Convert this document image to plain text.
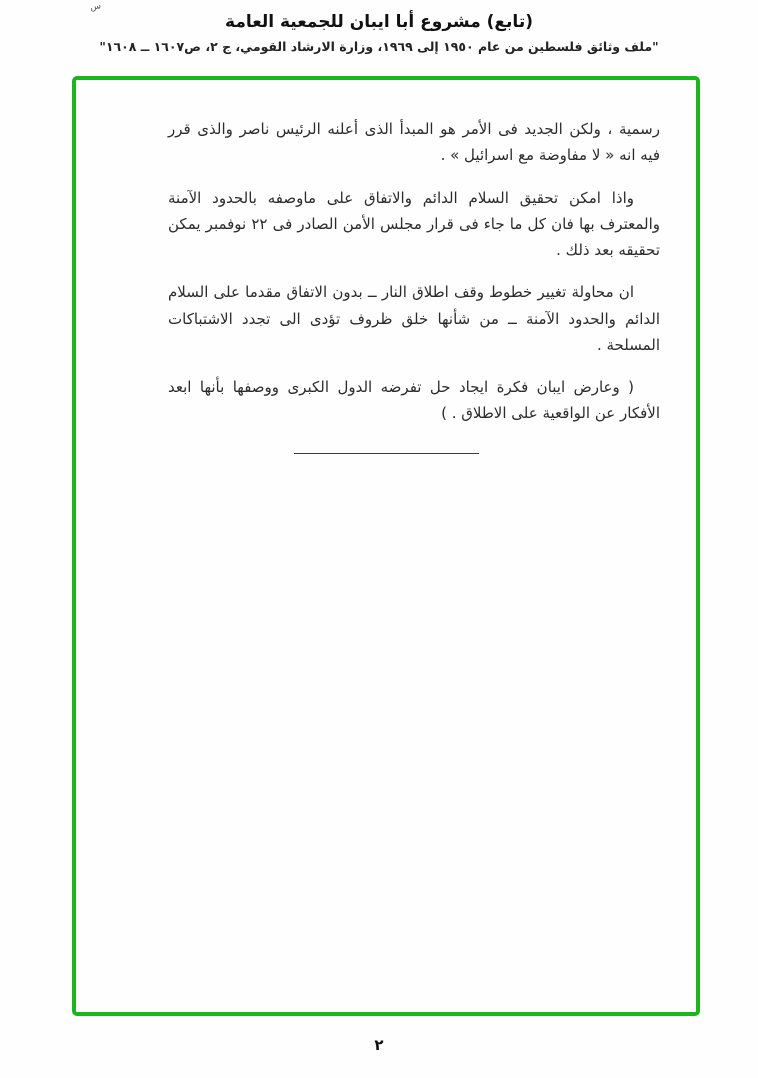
س
(تابع) مشروع أبا ايبان للجمعية العامة
"ملف وثائق فلسطين من عام ١٩٥٠ إلى ١٩٦٩، وزارة الارشاد القومي، ج ٢، ص١٦٠٧ ــ ١٦٠٨"

رسمية ، ولكن الجديد فى الأمر هو المبدأ الذى أعلنه الرئيس ناصر والذى قرر فيه انه « لا مفاوضة مع اسرائيل » .

واذا امكن تحقيق السلام الدائم والاتفاق على ماوصفه بالحدود الآمنة والمعترف بها فان كل ما جاء فى قرار مجلس الأمن الصادر فى ٢٢ نوفمبر يمكن تحقيقه بعد ذلك .

ان محاولة تغيير خطوط وقف اطلاق النار ــ بدون الاتفاق مقدما على السلام الدائم والحدود الآمنة ــ من شأنها خلق ظروف تؤدى الى تجدد الاشتباكات المسلحة .

( وعارض ايبان فكرة ايجاد حل تفرضه الدول الكبرى ووصفها بأنها ابعد الأفكار عن الواقعية على الاطلاق . )

٢
